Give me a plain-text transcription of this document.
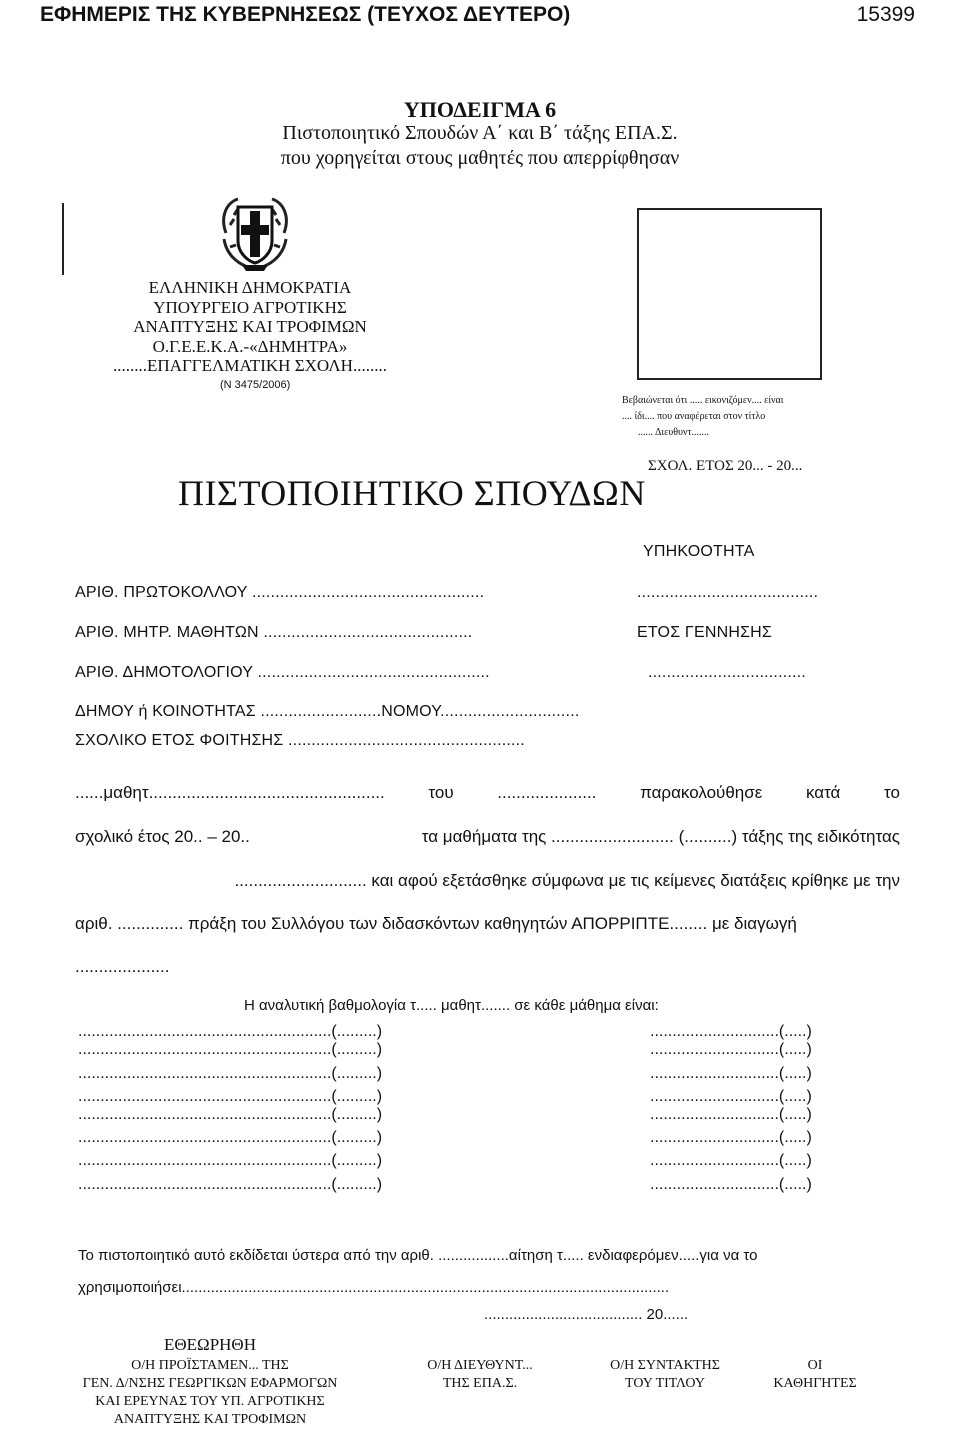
ΕΦΗΜΕΡΙΣ ΤΗΣ ΚΥΒΕΡΝΗΣΕΩΣ (ΤΕΥΧΟΣ ΔΕΥΤΕΡΟ)	15399
ΥΠΟΔΕΙΓΜΑ 6
Πιστοποιητικό Σπουδών Α΄ και Β΄ τάξης ΕΠΑ.Σ.
που χορηγείται στους μαθητές που απερρίφθησαν
ΕΛΛΗΝΙΚΗ ΔΗΜΟΚΡΑΤΙΑ
ΥΠΟΥΡΓΕΙΟ ΑΓΡΟΤΙΚΗΣ
ΑΝΑΠΤΥΞΗΣ ΚΑΙ ΤΡΟΦΙΜΩΝ
Ο.Γ.Ε.Ε.Κ.Α.-«ΔΗΜΗΤΡΑ»
........ΕΠΑΓΓΕΛΜΑΤΙΚΗ ΣΧΟΛΗ........
(Ν 3475/2006)
Βεβαιώνεται ότι ..... εικονιζόμεν.... είναι
.... ίδι.... που αναφέρεται στον τίτλο
...... Διευθυντ.......
ΣΧΟΛ. ΕΤΟΣ 20... - 20...
ΠΙΣΤΟΠΟΙΗΤΙΚΟ ΣΠΟΥΔΩΝ
ΥΠΗΚΟΟΤΗΤΑ
ΑΡΙΘ. ΠΡΩΤΟΚΟΛΛΟΥ ..................................................	.......................................
ΑΡΙΘ. ΜΗΤΡ. ΜΑΘΗΤΩΝ .............................................	ΕΤΟΣ ΓΕΝΝΗΣΗΣ
ΑΡΙΘ. ΔΗΜΟΤΟΛΟΓΙΟΥ ..................................................	..................................
ΔΗΜΟΥ ή ΚΟΙΝΟΤΗΤΑΣ ..........................ΝΟΜΟΥ..............................
ΣΧΟΛΙΚΟ ΕΤΟΣ ΦΟΙΤΗΣΗΣ ...................................................
......μαθητ..................................................	του	.....................	παρακολούθησε	κατά	το
σχολικό έτος 20.. – 20..	τα μαθήματα της .......................... (..........) τάξης της ειδικότητας
............................ και αφού εξετάσθηκε σύμφωνα με τις κείμενες διατάξεις κρίθηκε με την
αριθ. .............. πράξη του Συλλόγου των διδασκόντων καθηγητών ΑΠΟΡΡΙΠΤΕ........ με διαγωγή
....................
Η αναλυτική βαθμολογία τ..... μαθητ....... σε κάθε μάθημα είναι:
.........................................................(.........)	.............................(.....)
.........................................................(.........)	.............................(.....)
.........................................................(.........)	.............................(.....)
.........................................................(.........)	.............................(.....)
.........................................................(.........)	.............................(.....)
.........................................................(.........)	.............................(.....)
.........................................................(.........)	.............................(.....)
.........................................................(.........)	.............................(.....)
Το πιστοποιητικό αυτό εκδίδεται ύστερα από την αριθ. .................αίτηση τ..... ενδιαφερόμεν.....για να το
χρησιμοποιήσει.....................................................................................................................
...................................... 20......
ΕΘΕΩΡΗΘΗ
Ο/Η ΠΡΟΪΣΤΑΜΕΝ... ΤΗΣ
ΓΕΝ. Δ/ΝΣΗΣ ΓΕΩΡΓΙΚΩΝ ΕΦΑΡΜΟΓΩΝ
ΚΑΙ ΕΡΕΥΝΑΣ ΤΟΥ ΥΠ. ΑΓΡΟΤΙΚΗΣ
ΑΝΑΠΤΥΞΗΣ ΚΑΙ ΤΡΟΦΙΜΩΝ
Ο/Η ΔΙΕΥΘΥΝΤ...
ΤΗΣ ΕΠΑ.Σ.
Ο/Η ΣΥΝΤΑΚΤΗΣ
ΤΟΥ ΤΙΤΛΟΥ
ΟΙ
ΚΑΘΗΓΗΤΕΣ
